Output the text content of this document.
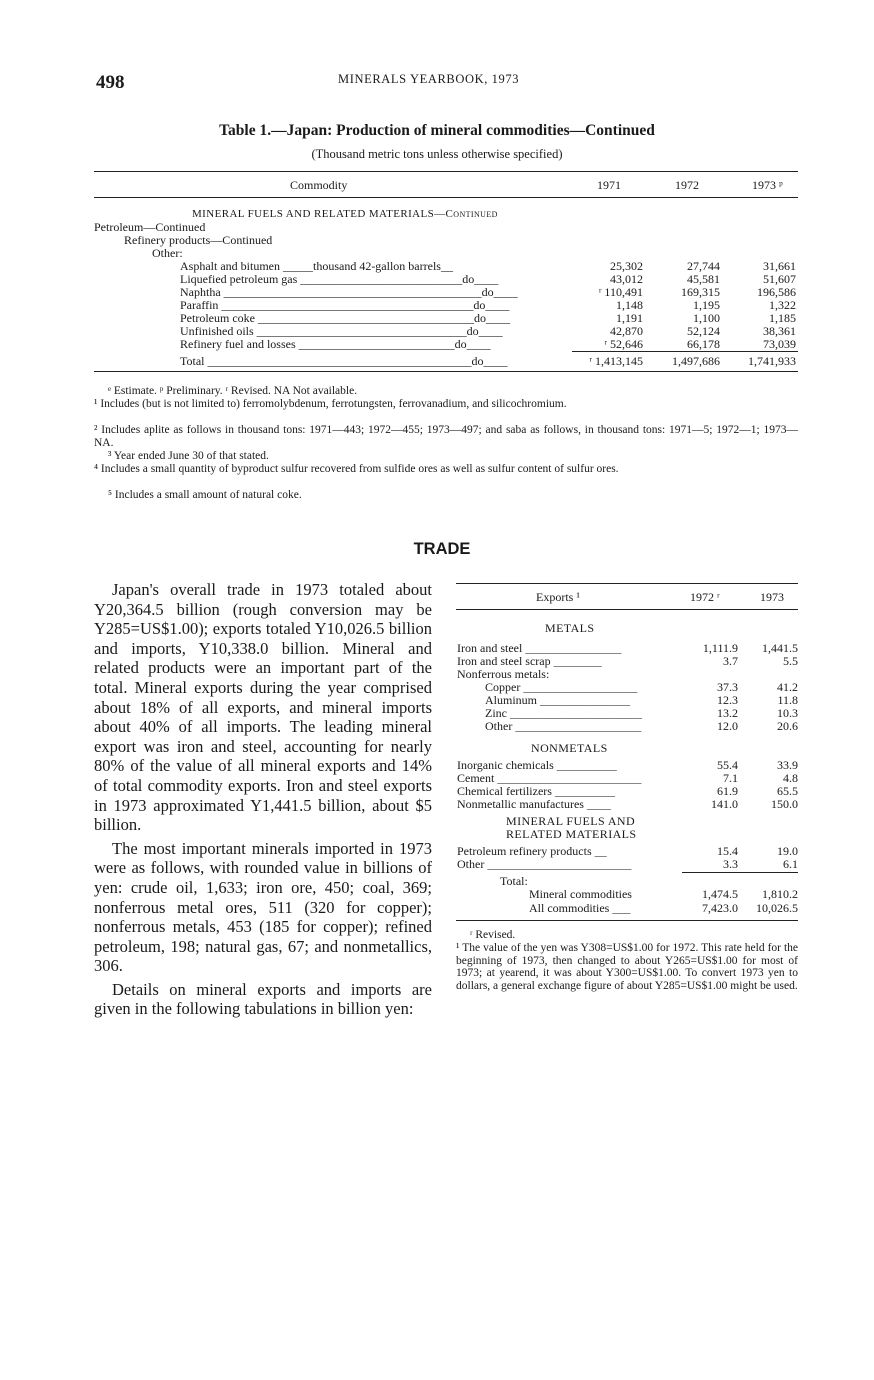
498	MINERALS YEARBOOK, 1973
Table 1.—Japan: Production of mineral commodities—Continued
(Thousand metric tons unless otherwise specified)
Commodity	1971	1972	1973 ᵖ
MINERAL FUELS AND RELATED MATERIALS—Continued
Petroleum—Continued
Refinery products—Continued
Other:
Asphalt and bitumen _____thousand 42-gallon barrels__	25,302	27,744	31,661
Liquefied petroleum gas ___________________________do____	43,012	45,581	51,607
Naphtha ___________________________________________do____	ʳ 110,491	169,315	196,586
Paraffin __________________________________________do____	1,148	1,195	1,322
Petroleum coke ____________________________________do____	1,191	1,100	1,185
Unfinished oils ___________________________________do____	42,870	52,124	38,361
Refinery fuel and losses __________________________do____	ʳ 52,646	66,178	73,039
Total ____________________________________________do____	ʳ 1,413,145	1,497,686	1,741,933
ᵉ Estimate. ᵖ Preliminary. ʳ Revised. NA Not available.
¹ Includes (but is not limited to) ferromolybdenum, ferrotungsten, ferrovanadium, and silicochromium.
² Includes aplite as follows in thousand tons: 1971—443; 1972—455; 1973—497; and saba as follows, in thousand tons: 1971—5; 1972—1; 1973—NA.
³ Year ended June 30 of that stated.
⁴ Includes a small quantity of byproduct sulfur recovered from sulfide ores as well as sulfur content of sulfur ores.
⁵ Includes a small amount of natural coke.
TRADE

Japan's overall trade in 1973 totaled about Y20,364.5 billion (rough conversion may be Y285=US$1.00); exports totaled Y10,026.5 billion and imports, Y10,338.0 billion. Mineral and related products were an important part of the total. Mineral exports during the year comprised about 18% of all exports, and mineral imports about 40% of all imports. The leading mineral export was iron and steel, accounting for nearly 80% of the value of all mineral exports and 14% of total commodity exports. Iron and steel exports in 1973 approximated Y1,441.5 billion, about $5 billion.

The most important minerals imported in 1973 were as follows, with rounded value in billions of yen: crude oil, 1,633; iron ore, 450; coal, 369; nonferrous metal ores, 511 (320 for copper); nonferrous metals, 453 (185 for copper); refined petroleum, 198; natural gas, 67; and nonmetallics, 306.

Details on mineral exports and imports are given in the following tabulations in billion yen:

Exports ¹	1972 ʳ	1973
METALS
Iron and steel ________________	1,111.9	1,441.5
Iron and steel scrap ________	3.7	5.5
Nonferrous metals:
Copper ___________________	37.3	41.2
Aluminum _______________	12.3	11.8
Zinc ______________________	13.2	10.3
Other _____________________	12.0	20.6
NONMETALS
Inorganic chemicals __________	55.4	33.9
Cement ________________________	7.1	4.8
Chemical fertilizers __________	61.9	65.5
Nonmetallic manufactures ____	141.0	150.0
MINERAL FUELS AND
RELATED MATERIALS
Petroleum refinery products __	15.4	19.0
Other ________________________	3.3	6.1
Total:
Mineral commodities	1,474.5	1,810.2
All commodities ___	7,423.0	10,026.5
ʳ Revised.
¹ The value of the yen was Y308=US$1.00 for 1972. This rate held for the beginning of 1973, then changed to about Y265=US$1.00 for most of 1973; at yearend, it was about Y300=US$1.00. To convert 1973 yen to dollars, a general exchange figure of about Y285=US$1.00 might be used.
